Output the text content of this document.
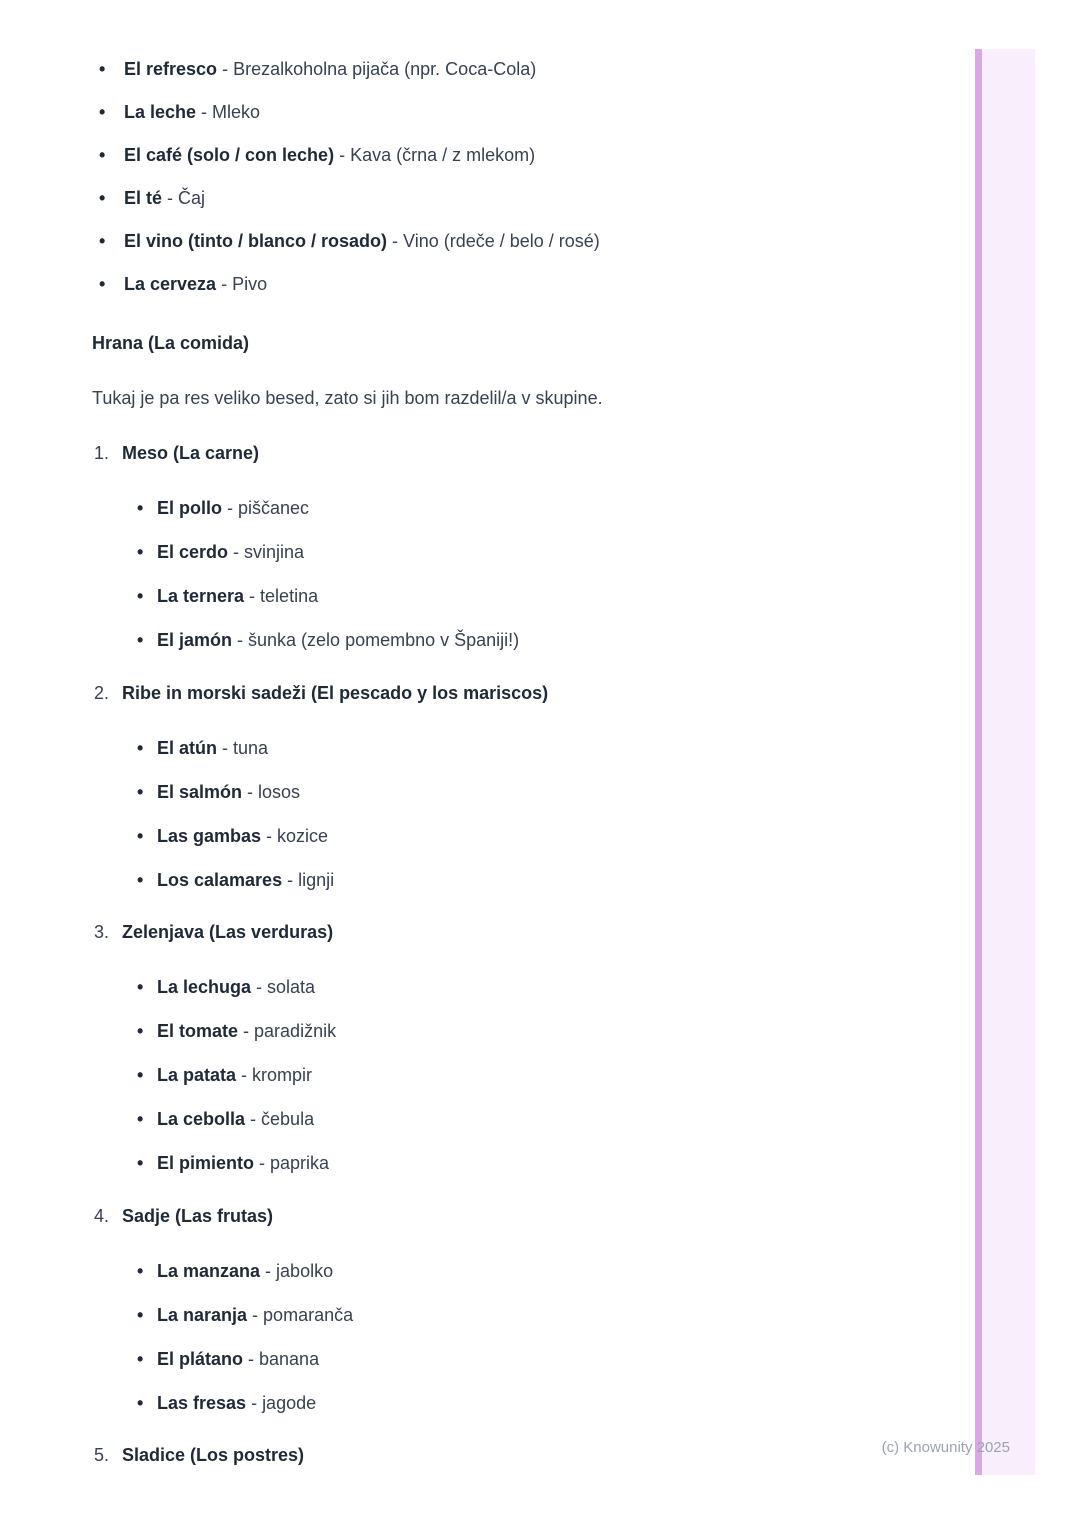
• El refresco - Brezalkoholna pijača (npr. Coca-Cola)
• La leche - Mleko
• El café (solo / con leche) - Kava (črna / z mlekom)
• El té - Čaj
• El vino (tinto / blanco / rosado) - Vino (rdeče / belo / rosé)
• La cerveza - Pivo
Hrana (La comida)

Tukaj je pa res veliko besed, zato si jih bom razdelil/a v skupine.

1. Meso (La carne)
• El pollo - piščanec
• El cerdo - svinjina
• La ternera - teletina
• El jamón - šunka (zelo pomembno v Španiji!)
2. Ribe in morski sadeži (El pescado y los mariscos)
• El atún - tuna
• El salmón - losos
• Las gambas - kozice
• Los calamares - lignji
3. Zelenjava (Las verduras)
• La lechuga - solata
• El tomate - paradižnik
• La patata - krompir
• La cebolla - čebula
• El pimiento - paprika
4. Sadje (Las frutas)
• La manzana - jabolko
• La naranja - pomaranča
• El plátano - banana
• Las fresas - jagode
5. Sladice (Los postres)	(c) Knowunity 2025
